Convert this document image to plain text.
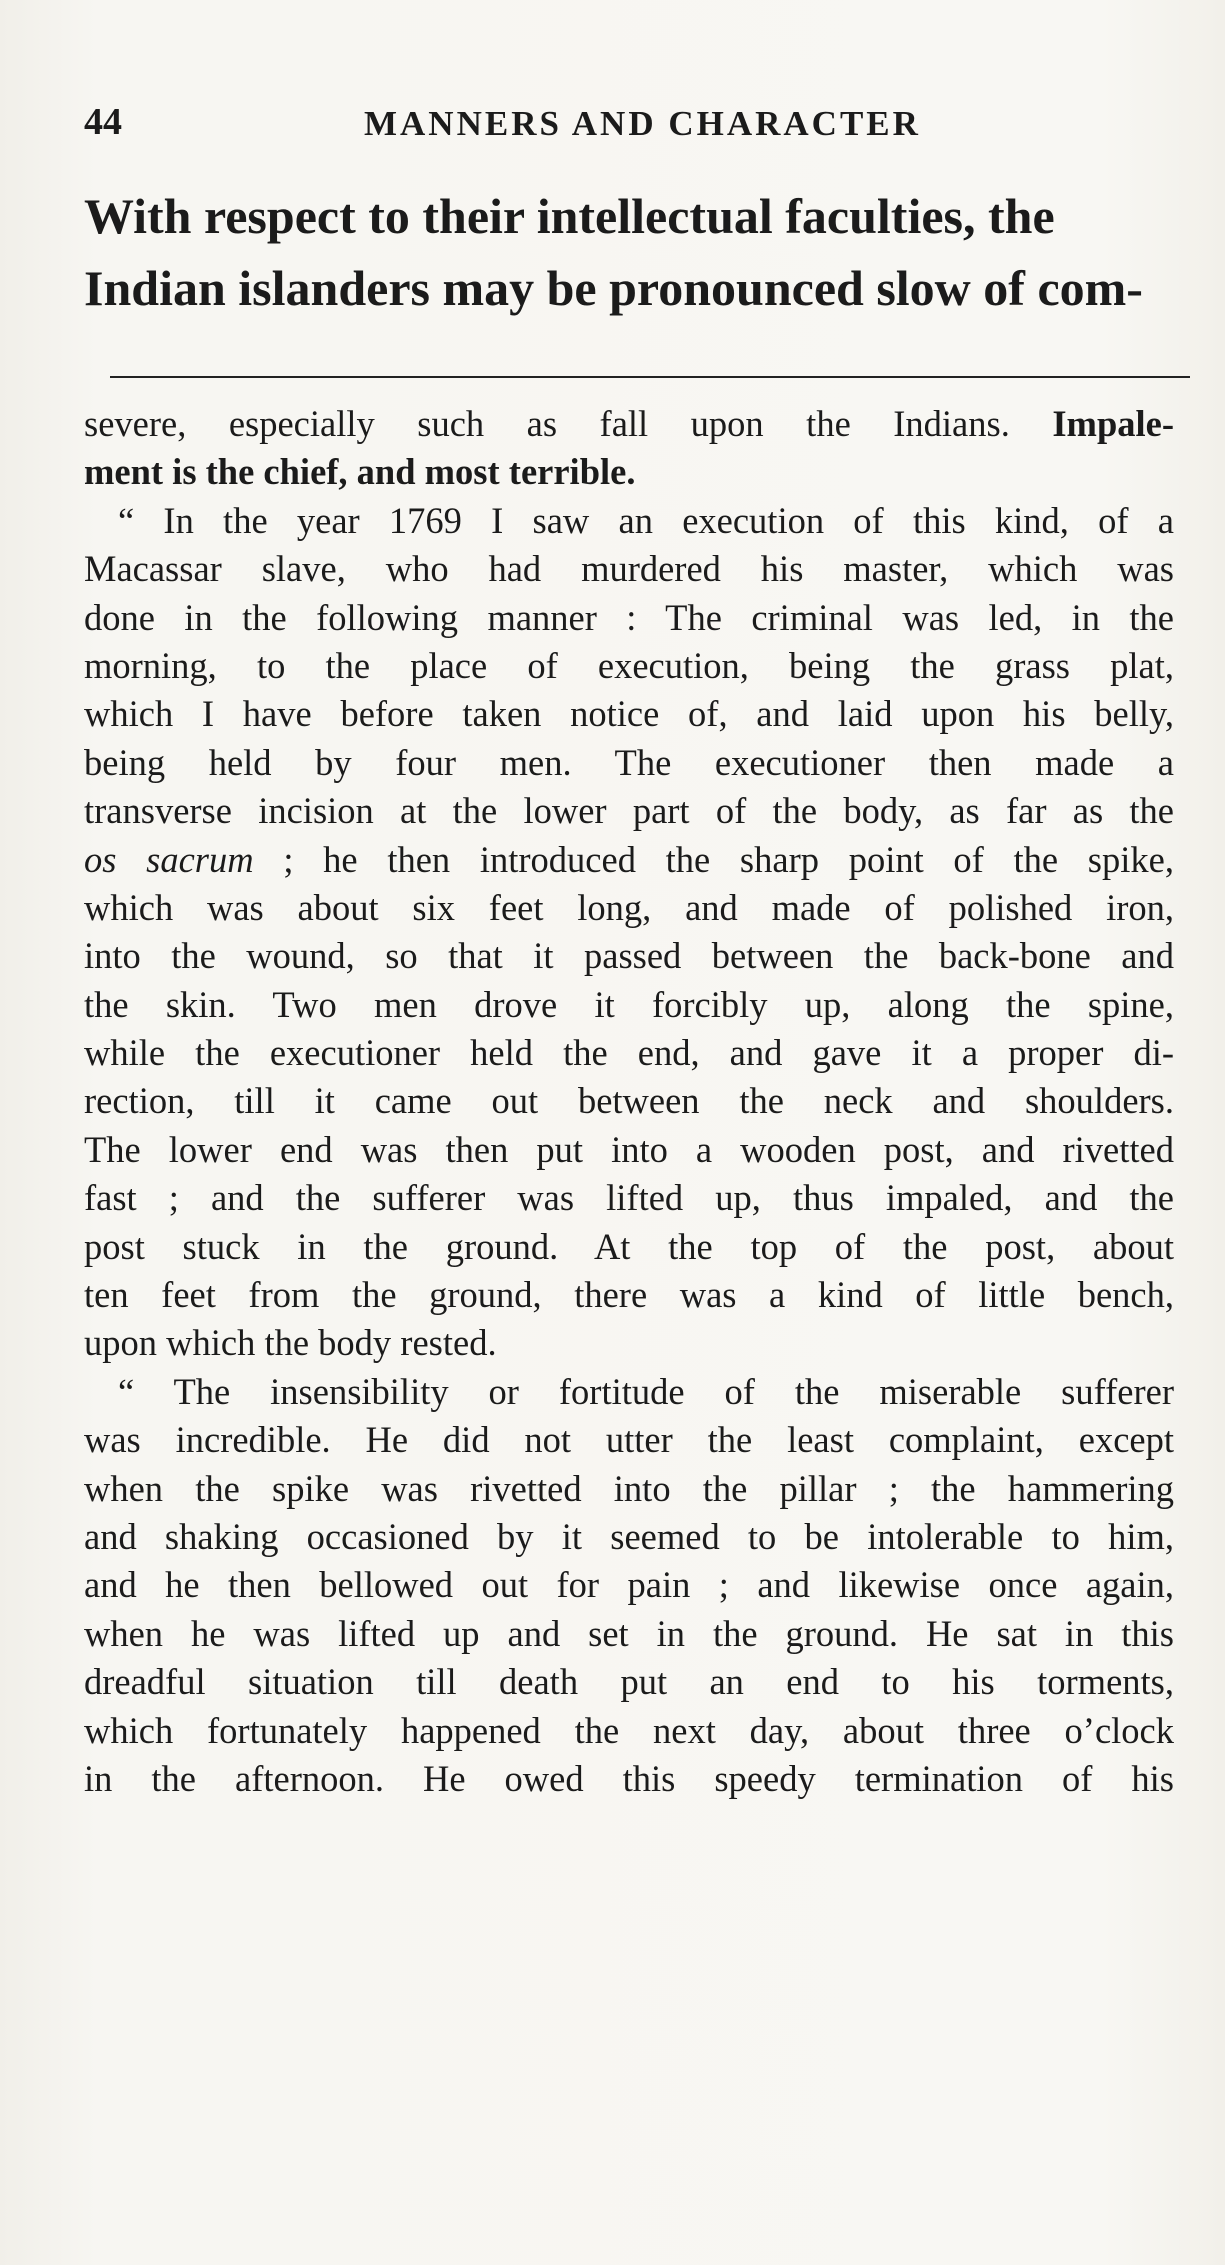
44	MANNERS AND CHARACTER
With respect to their intellectual faculties, the
Indian islanders may be pronounced slow of com-
severe, especially such as fall upon the Indians. Impale-
ment is the chief, and most terrible.
“ In the year 1769 I saw an execution of this kind, of a
Macassar slave, who had murdered his master, which was
done in the following manner : The criminal was led, in the
morning, to the place of execution, being the grass plat,
which I have before taken notice of, and laid upon his belly,
being held by four men. The executioner then made a
transverse incision at the lower part of the body, as far as the
os sacrum ; he then introduced the sharp point of the spike,
which was about six feet long, and made of polished iron,
into the wound, so that it passed between the back-bone and
the skin. Two men drove it forcibly up, along the spine,
while the executioner held the end, and gave it a proper di-
rection, till it came out between the neck and shoulders.
The lower end was then put into a wooden post, and rivetted
fast ; and the sufferer was lifted up, thus impaled, and the
post stuck in the ground. At the top of the post, about
ten feet from the ground, there was a kind of little bench,
upon which the body rested.
“ The insensibility or fortitude of the miserable sufferer
was incredible. He did not utter the least complaint, except
when the spike was rivetted into the pillar ; the hammering
and shaking occasioned by it seemed to be intolerable to him,
and he then bellowed out for pain ; and likewise once again,
when he was lifted up and set in the ground. He sat in this
dreadful situation till death put an end to his torments,
which fortunately happened the next day, about three o’clock
in the afternoon. He owed this speedy termination of his
